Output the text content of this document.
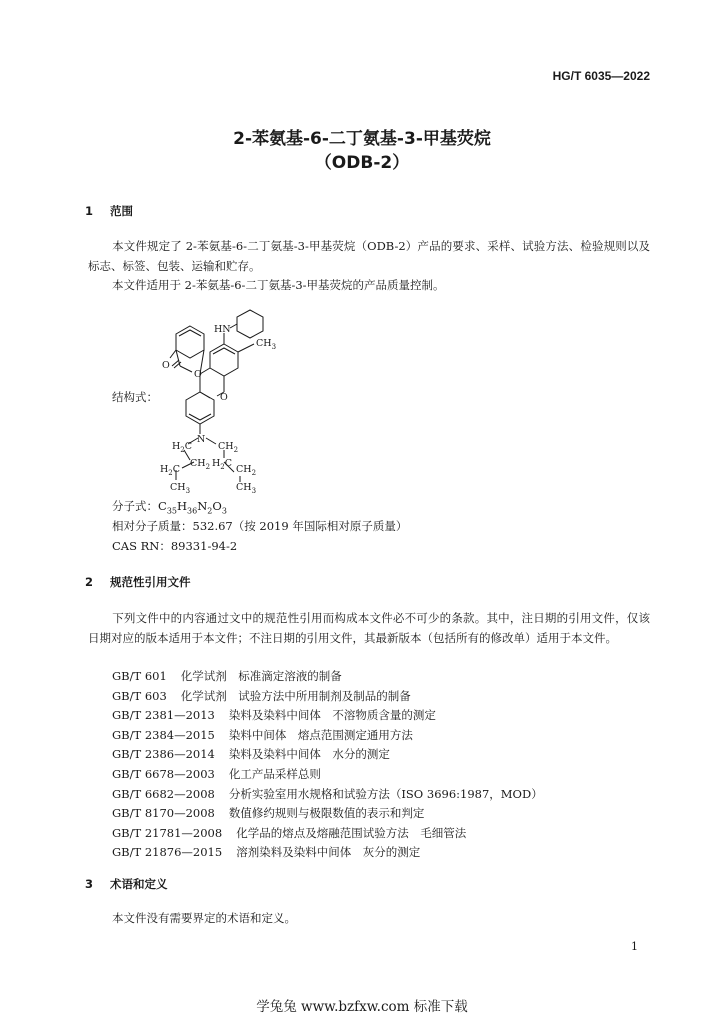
HG/T 6035—2022
2-苯氨基-6-二丁氨基-3-甲基荧烷
（ODB-2）
1 范围
本文件规定了 2-苯氨基-6-二丁氨基-3-甲基荧烷（ODB-2）产品的要求、采样、试验方法、检验规则以及标志、标签、包装、运输和贮存。
本文件适用于 2-苯氨基-6-二丁氨基-3-甲基荧烷的产品质量控制。
结构式：
HN
$CH_3$
O
O
O
N
$H_2C$	$CH_2$
$CH_2$ $H_2C$
$H_2C$	$CH_2$
$CH_3$	$CH_3$
分子式：$C_{35}H_{36}N_2O_3$
相对分子质量：532.67（按 2019 年国际相对原子质量）
CAS RN：89331-94-2
2 规范性引用文件
下列文件中的内容通过文中的规范性引用而构成本文件必不可少的条款。其中，注日期的引用文件，仅该日期对应的版本适用于本文件；不注日期的引用文件，其最新版本（包括所有的修改单）适用于本文件。
GB/T 601 化学试剂　标准滴定溶液的制备
GB/T 603 化学试剂　试验方法中所用制剂及制品的制备
GB/T 2381—2013 染料及染料中间体　不溶物质含量的测定
GB/T 2384—2015 染料中间体　熔点范围测定通用方法
GB/T 2386—2014 染料及染料中间体　水分的测定
GB/T 6678—2003 化工产品采样总则
GB/T 6682—2008 分析实验室用水规格和试验方法（ISO 3696:1987，MOD）
GB/T 8170—2008 数值修约规则与极限数值的表示和判定
GB/T 21781—2008 化学品的熔点及熔融范围试验方法　毛细管法
GB/T 21876—2015 溶剂染料及染料中间体　灰分的测定
3 术语和定义
本文件没有需要界定的术语和定义。
1
学兔兔 www.bzfxw.com 标准下载
